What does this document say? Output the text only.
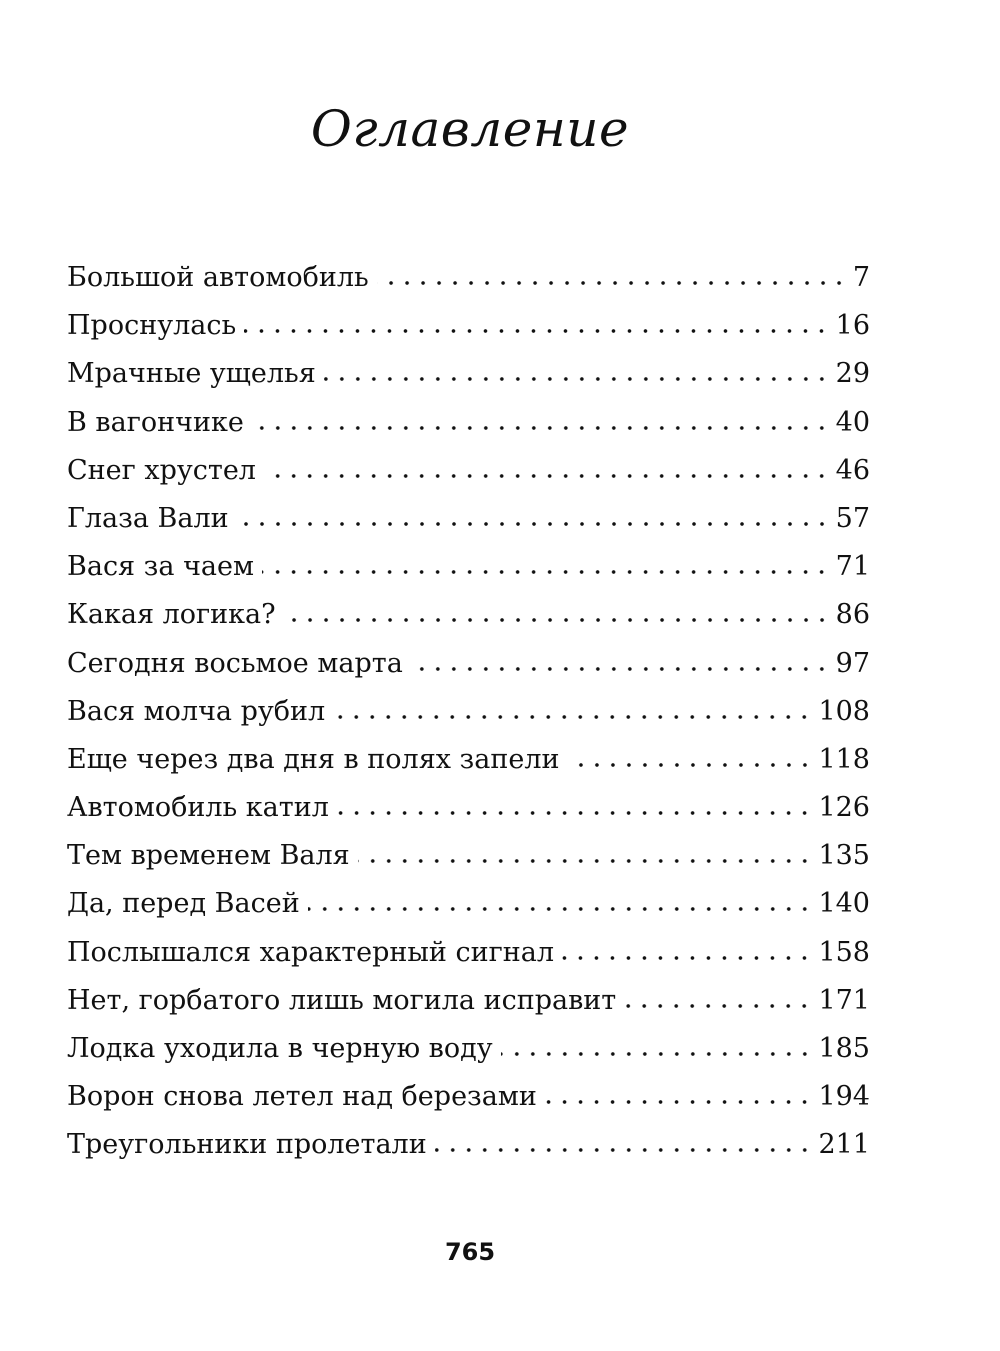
Оглавление
Большой автомобиль	7
Проснулась	16
Мрачные ущелья	29
В вагончике	40
Снег хрустел	46
Глаза Вали	57
Вася за чаем	71
Какая логика?	86
Сегодня восьмое марта	97
Вася молча рубил	108
Еще через два дня в полях запели	118
Автомобиль катил	126
Тем временем Валя	135
Да, перед Васей	140
Послышался характерный сигнал	158
Нет, горбатого лишь могила исправит	171
Лодка уходила в черную воду	185
Ворон снова летел над березами	194
Треугольники пролетали	211
765
